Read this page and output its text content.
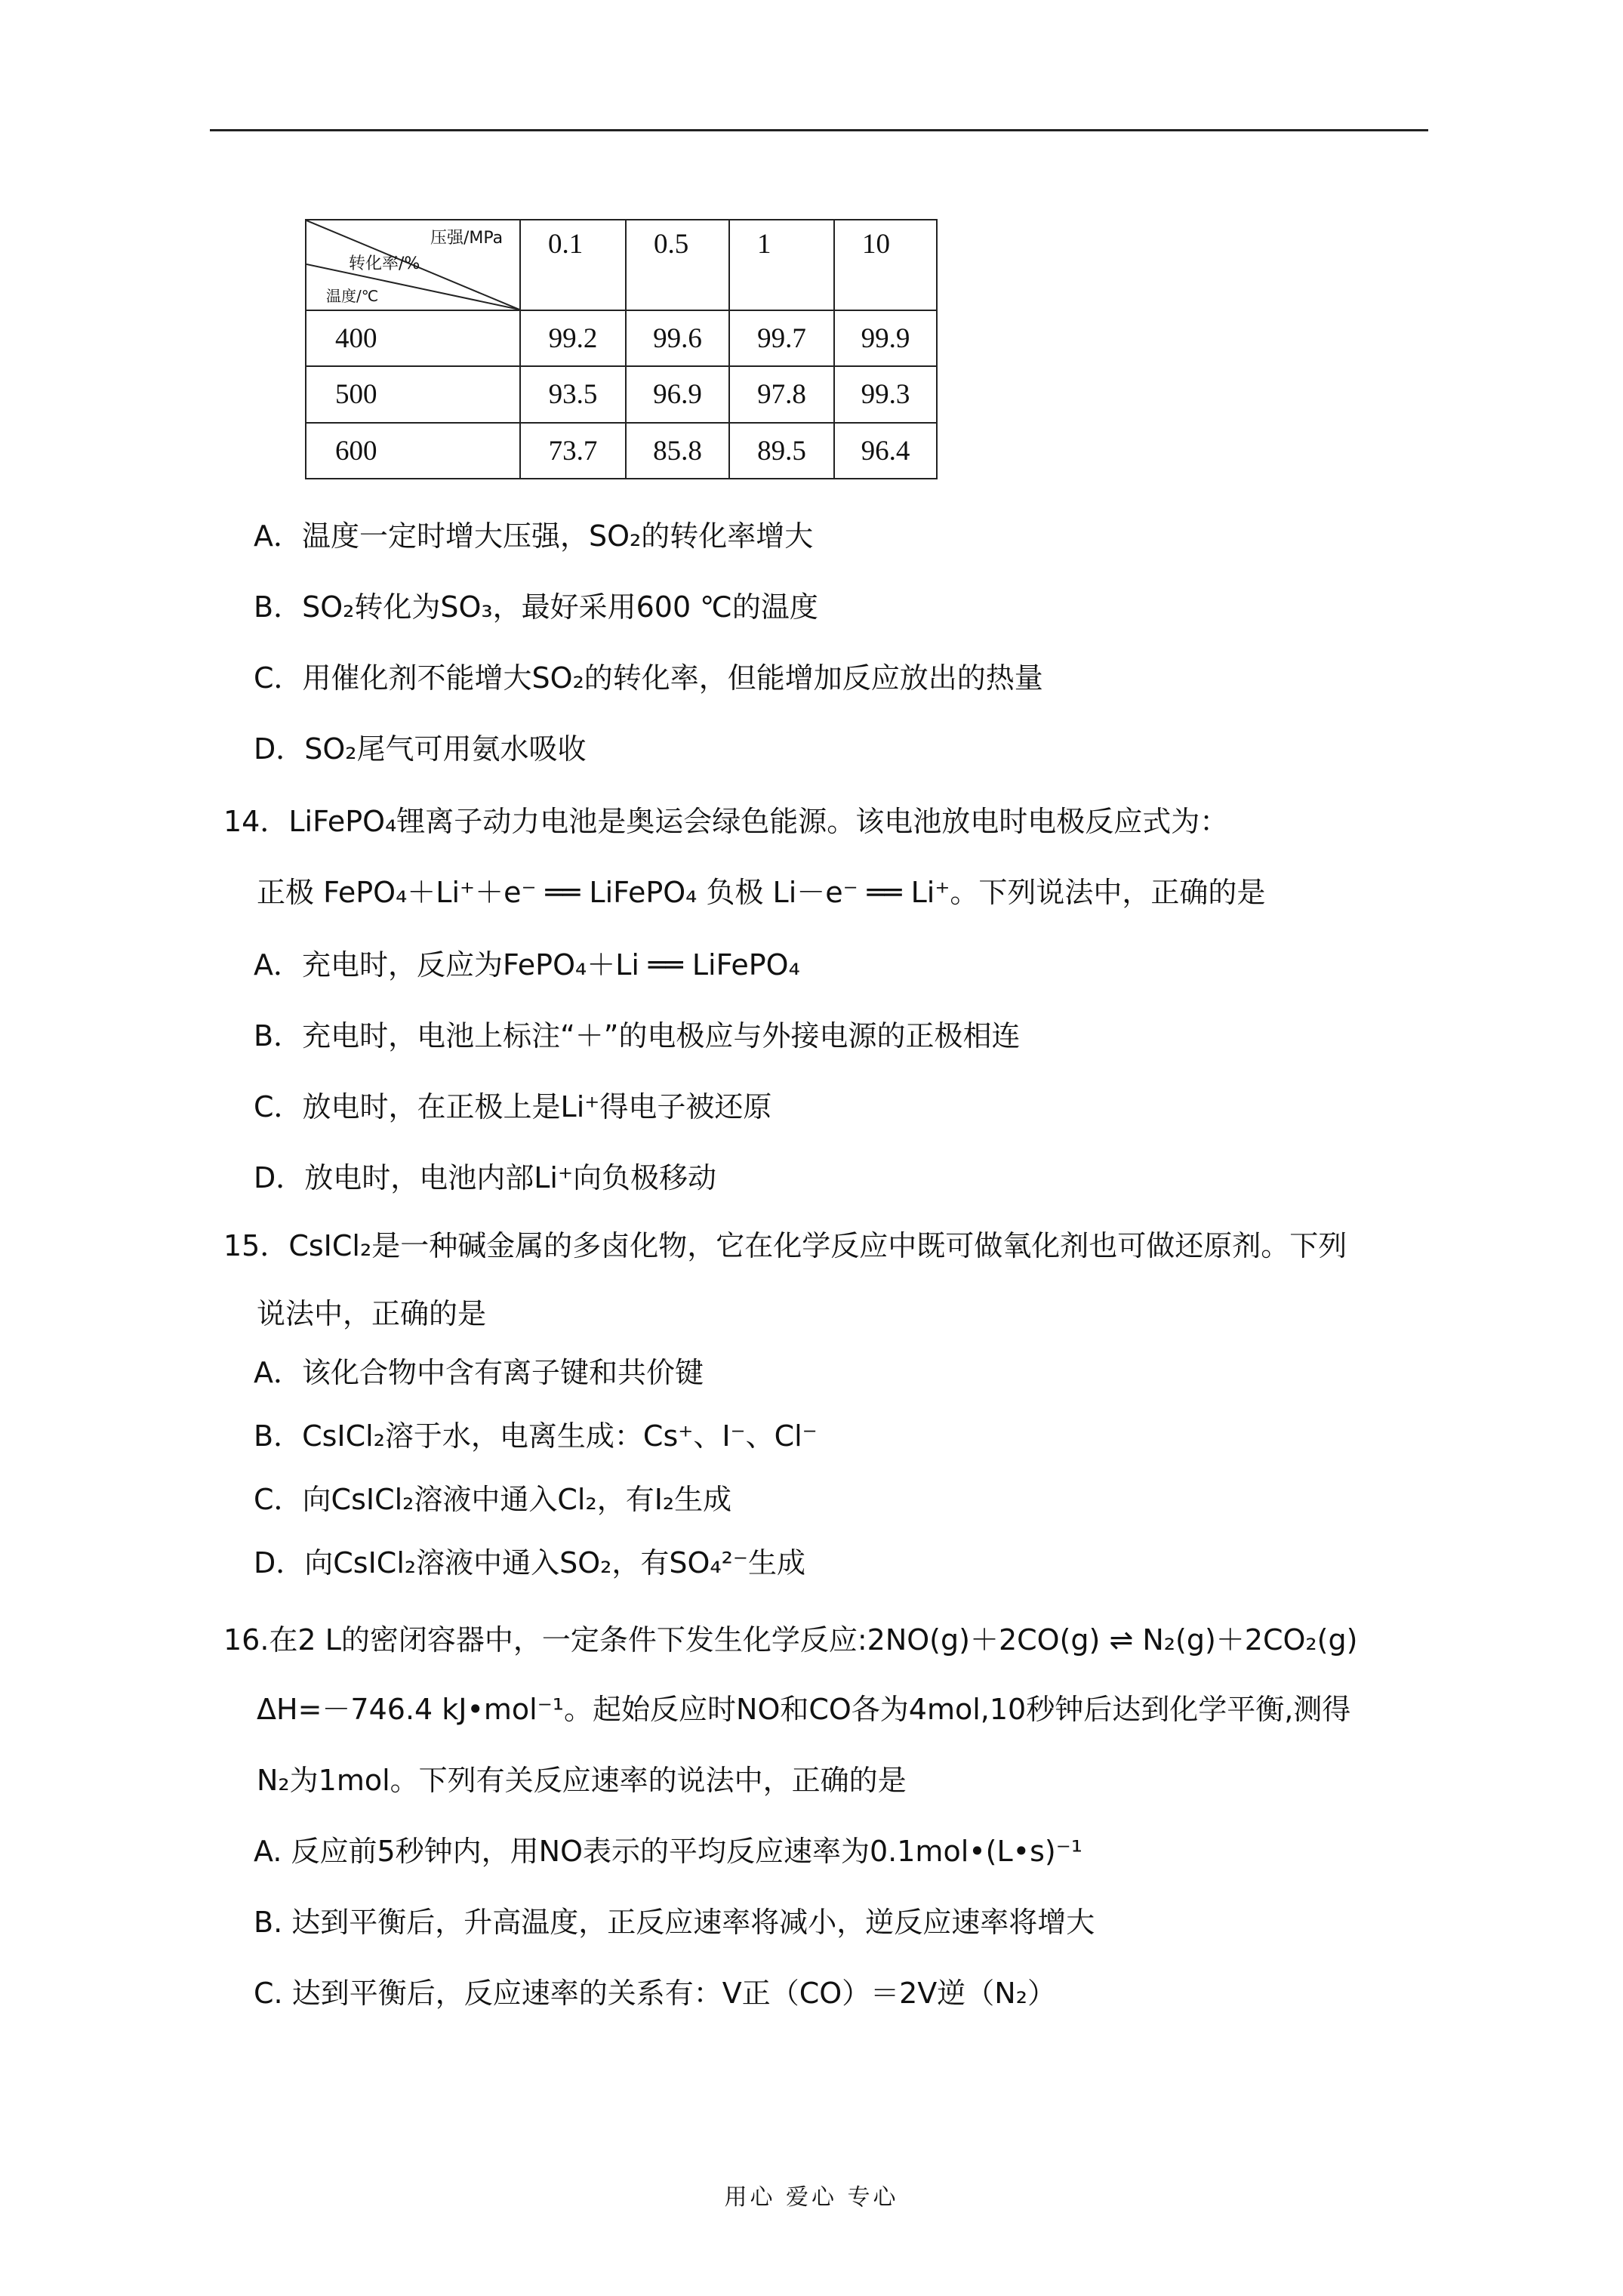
压强/MPa
转化率/%
温度/℃	0.1	0.5	1	10
400	99.2	99.6	99.7	99.9
500	93.5	96.9	97.8	99.3
600	73.7	85.8	89.5	96.4
A．温度一定时增大压强，SO₂的转化率增大
B．SO₂转化为SO₃，最好采用600 ℃的温度
C．用催化剂不能增大SO₂的转化率，但能增加反应放出的热量
D．SO₂尾气可用氨水吸收
14．LiFePO₄锂离子动力电池是奥运会绿色能源。该电池放电时电极反应式为：
正极 FePO₄＋Li⁺＋e⁻ ══ LiFePO₄ 负极 Li－e⁻ ══ Li⁺。下列说法中，正确的是
A．充电时，反应为FePO₄＋Li ══ LiFePO₄
B．充电时，电池上标注“＋”的电极应与外接电源的正极相连
C．放电时，在正极上是Li⁺得电子被还原
D．放电时，电池内部Li⁺向负极移动
15．CsICl₂是一种碱金属的多卤化物，它在化学反应中既可做氧化剂也可做还原剂。下列
说法中，正确的是
A．该化合物中含有离子键和共价键
B．CsICl₂溶于水，电离生成：Cs⁺、I⁻、Cl⁻
C．向CsICl₂溶液中通入Cl₂，有I₂生成
D．向CsICl₂溶液中通入SO₂，有SO₄²⁻生成
16.在2 L的密闭容器中，一定条件下发生化学反应:2NO(g)＋2CO(g) ⇌ N₂(g)＋2CO₂(g)
ΔH=－746.4 kJ•mol⁻¹。起始反应时NO和CO各为4mol,10秒钟后达到化学平衡,测得
N₂为1mol。下列有关反应速率的说法中，正确的是
A. 反应前5秒钟内，用NO表示的平均反应速率为0.1mol•(L•s)⁻¹
B. 达到平衡后，升高温度，正反应速率将减小，逆反应速率将增大
C. 达到平衡后，反应速率的关系有：V正（CO）＝2V逆（N₂）
用心 爱心 专心
